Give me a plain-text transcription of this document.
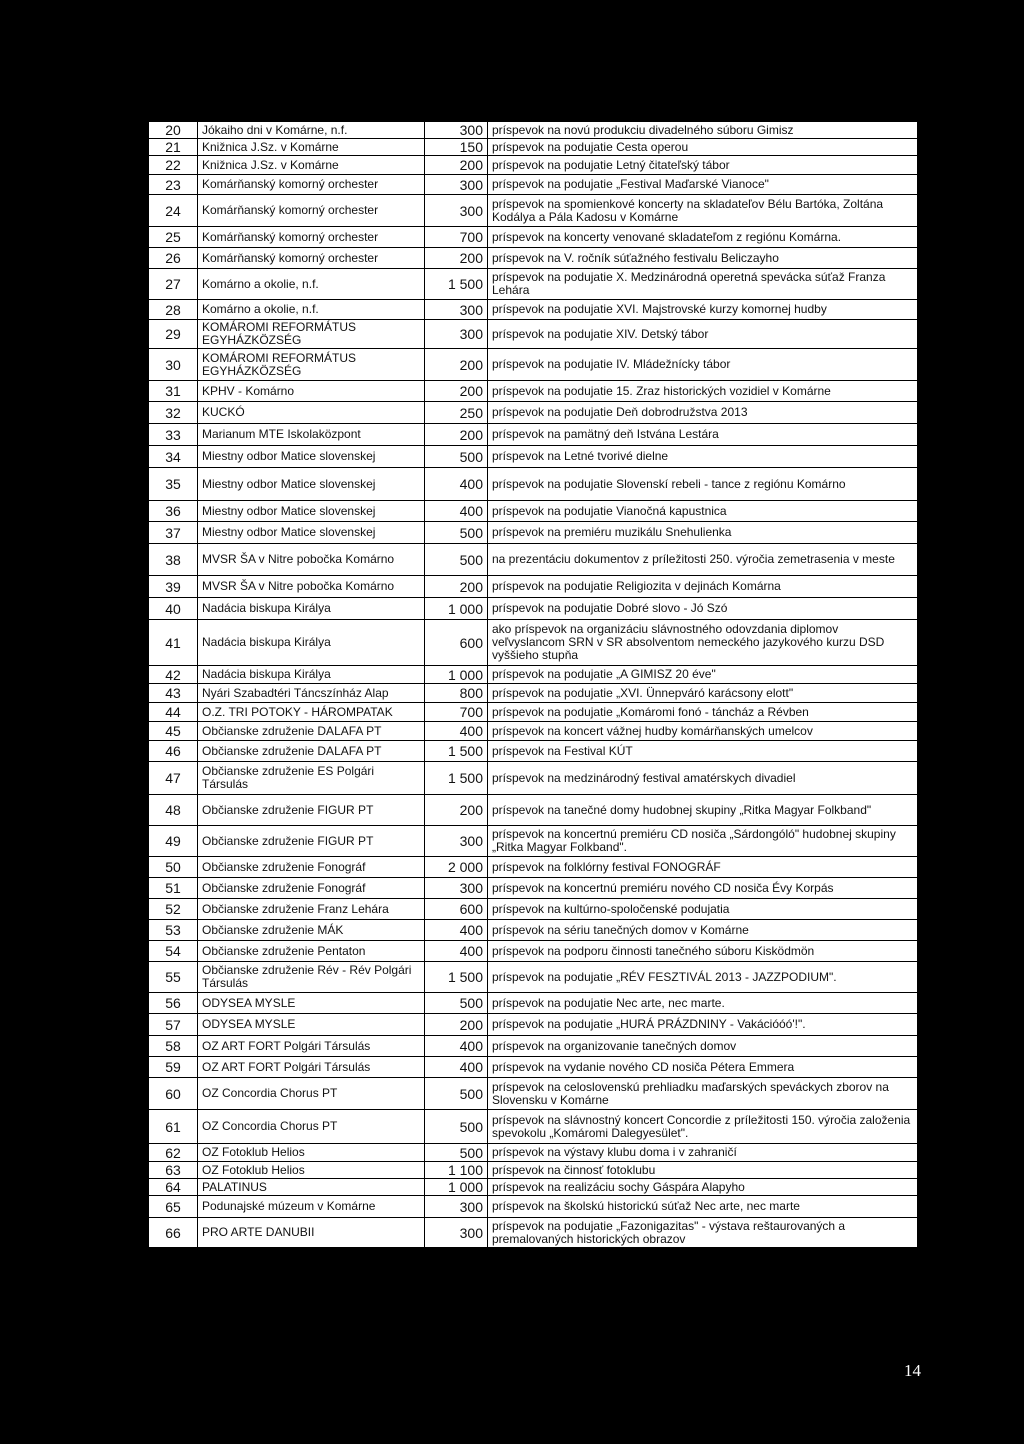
20	Jókaiho dni v Komárne, n.f.	300	príspevok na novú produkciu divadelného súboru Gimisz
21	Knižnica J.Sz. v Komárne	150	príspevok na podujatie Cesta operou
22	Knižnica J.Sz. v Komárne	200	príspevok na podujatie Letný čitateľský tábor
23	Komárňanský komorný orchester	300	príspevok na podujatie „Festival Maďarské Vianoce"
24	Komárňanský komorný orchester	300	príspevok na spomienkové koncerty na skladateľov Bélu Bartóka, Zoltána Kodálya a Pála Kadosu v Komárne
25	Komárňanský komorný orchester	700	príspevok na koncerty venované skladateľom z regiónu Komárna.
26	Komárňanský komorný orchester	200	príspevok na V. ročník súťažného festivalu Beliczayho
27	Komárno a okolie, n.f.	1 500	príspevok na podujatie X. Medzinárodná operetná spevácka súťaž Franza Lehára
28	Komárno a okolie, n.f.	300	príspevok na podujatie XVI. Majstrovské kurzy komornej hudby
29	KOMÁROMI REFORMÁTUS EGYHÁZKÖZSÉG	300	príspevok na podujatie XIV. Detský tábor
30	KOMÁROMI REFORMÁTUS EGYHÁZKÖZSÉG	200	príspevok na podujatie IV. Mládežnícky tábor
31	KPHV - Komárno	200	príspevok na podujatie 15. Zraz historických vozidiel v Komárne
32	KUCKÓ	250	príspevok na podujatie Deň dobrodružstva 2013
33	Marianum MTE Iskolaközpont	200	príspevok na pamätný deň Istvána Lestára
34	Miestny odbor Matice slovenskej	500	príspevok na Letné tvorivé dielne
35	Miestny odbor Matice slovenskej	400	príspevok na podujatie Slovenskí rebeli - tance z regiónu Komárno
36	Miestny odbor Matice slovenskej	400	príspevok na podujatie Vianočná kapustnica
37	Miestny odbor Matice slovenskej	500	príspevok na premiéru muzikálu Snehulienka
38	MVSR ŠA v Nitre pobočka Komárno	500	na prezentáciu dokumentov z príležitosti 250. výročia zemetrasenia v meste
39	MVSR ŠA v Nitre pobočka Komárno	200	príspevok na podujatie Religiozita v dejinách Komárna
40	Nadácia biskupa Királya	1 000	príspevok na podujatie Dobré slovo - Jó Szó
41	Nadácia biskupa Királya	600	ako príspevok na organizáciu slávnostného odovzdania diplomov veľvyslancom SRN v SR absolventom nemeckého jazykového kurzu DSD vyššieho stupňa
42	Nadácia biskupa Királya	1 000	príspevok na podujatie „A GIMISZ 20 éve"
43	Nyári Szabadtéri Táncszínház Alap	800	príspevok na podujatie „XVI. Ünnepváró karácsony elott"
44	O.Z. TRI POTOKY - HÁROMPATAK	700	príspevok na podujatie „Komáromi fonó - táncház a Révben
45	Občianske združenie DALAFA PT	400	príspevok na koncert vážnej hudby komárňanských umelcov
46	Občianske združenie DALAFA PT	1 500	príspevok na Festival KÚT
47	Občianske združenie ES Polgári Társulás	1 500	príspevok na medzinárodný festival amatérskych divadiel
48	Občianske združenie FIGUR PT	200	príspevok na tanečné domy hudobnej skupiny „Ritka Magyar Folkband"
49	Občianske združenie FIGUR PT	300	príspevok na koncertnú premiéru CD nosiča „Sárdongóló" hudobnej skupiny „Ritka Magyar Folkband".
50	Občianske združenie Fonográf	2 000	príspevok na folklórny festival FONOGRÁF
51	Občianske združenie Fonográf	300	príspevok na koncertnú premiéru nového CD nosiča Évy Korpás
52	Občianske združenie Franz Lehára	600	príspevok na kultúrno-spoločenské podujatia
53	Občianske združenie MÁK	400	príspevok na sériu tanečných domov v Komárne
54	Občianske združenie Pentaton	400	príspevok na podporu činnosti tanečného súboru Kisködmön
55	Občianske združenie Rév - Rév Polgári Társulás	1 500	príspevok na podujatie „RÉV FESZTIVÁL 2013 - JAZZPODIUM".
56	ODYSEA MYSLE	500	príspevok na podujatie Nec arte, nec marte.
57	ODYSEA MYSLE	200	príspevok na podujatie „HURÁ PRÁZDNINY - Vakációóó'!".
58	OZ ART FORT Polgári Társulás	400	príspevok na organizovanie tanečných domov
59	OZ ART FORT Polgári Társulás	400	príspevok na vydanie nového CD nosiča Pétera Emmera
60	OZ Concordia Chorus PT	500	príspevok na celoslovenskú prehliadku maďarských speváckych zborov na Slovensku v Komárne
61	OZ Concordia Chorus PT	500	príspevok na slávnostný koncert Concordie z príležitosti 150. výročia založenia spevokolu „Komáromi Dalegyesület".
62	OZ Fotoklub Helios	500	príspevok na výstavy klubu doma i v zahraničí
63	OZ Fotoklub Helios	1 100	príspevok na činnosť fotoklubu
64	PALATINUS	1 000	príspevok na realizáciu sochy Gáspára Alapyho
65	Podunajské múzeum v Komárne	300	príspevok na školskú historickú súťaž Nec arte, nec marte
66	PRO ARTE DANUBII	300	príspevok na podujatie „Fazonigazitas" - výstava reštaurovaných a premalovaných historických obrazov
14
